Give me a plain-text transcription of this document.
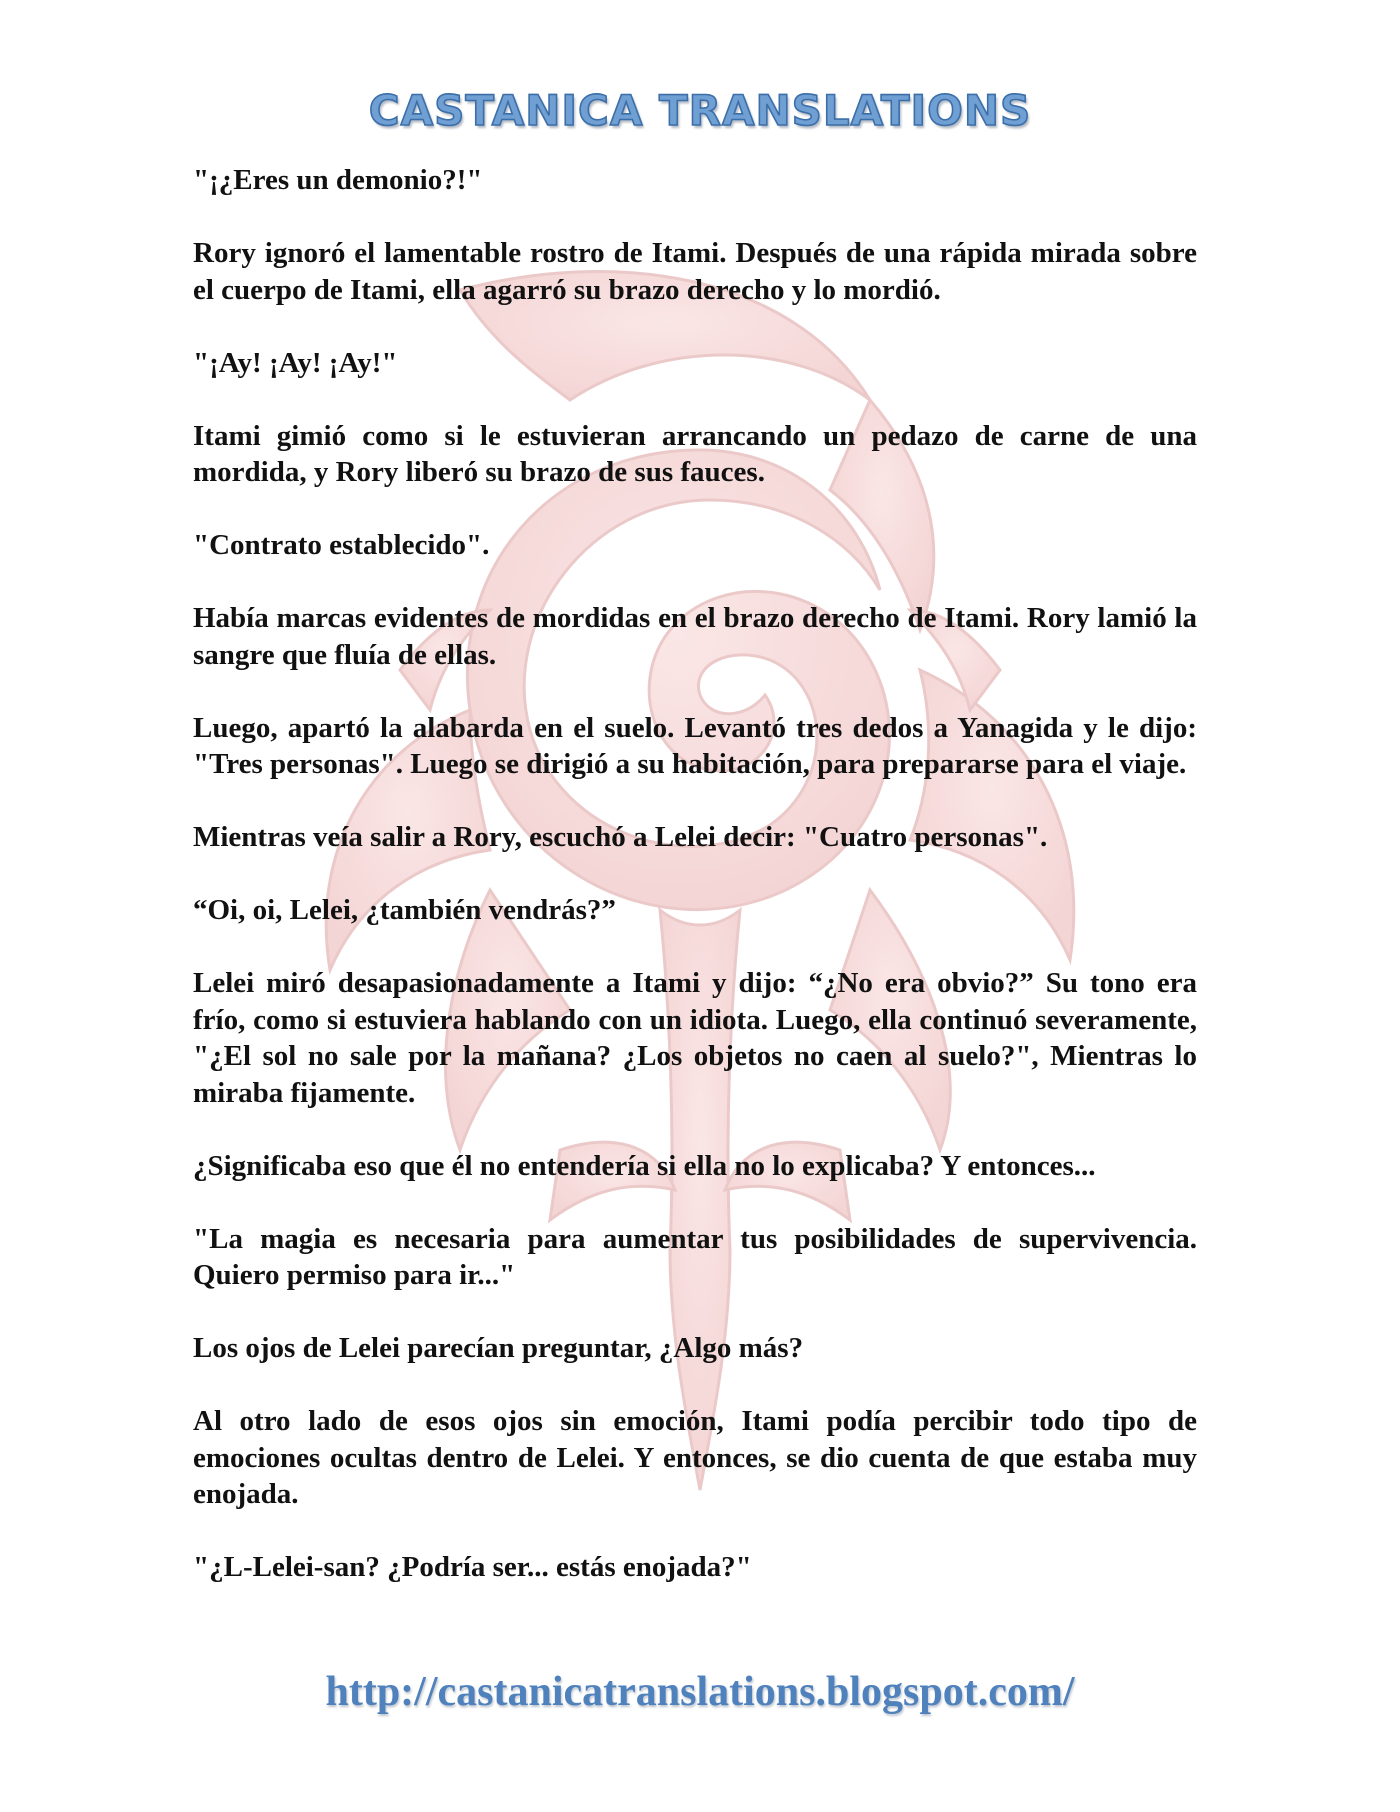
CASTANICA TRANSLATIONS

"¡¿Eres un demonio?!"

Rory ignoró el lamentable rostro de Itami. Después de una rápida mirada sobre el cuerpo de Itami, ella agarró su brazo derecho y lo mordió.

"¡Ay! ¡Ay! ¡Ay!"

Itami gimió como si le estuvieran arrancando un pedazo de carne de una mordida, y Rory liberó su brazo de sus fauces.

"Contrato establecido".

Había marcas evidentes de mordidas en el brazo derecho de Itami. Rory lamió la sangre que fluía de ellas.

Luego, apartó la alabarda en el suelo. Levantó tres dedos a Yanagida y le dijo: "Tres personas". Luego se dirigió a su habitación, para prepararse para el viaje.

Mientras veía salir a Rory, escuchó a Lelei decir: "Cuatro personas".

“Oi, oi, Lelei, ¿también vendrás?”

Lelei miró desapasionadamente a Itami y dijo: “¿No era obvio?” Su tono era frío, como si estuviera hablando con un idiota. Luego, ella continuó severamente, "¿El sol no sale por la mañana? ¿Los objetos no caen al suelo?", Mientras lo miraba fijamente.

¿Significaba eso que él no entendería si ella no lo explicaba? Y entonces...

"La magia es necesaria para aumentar tus posibilidades de supervivencia. Quiero permiso para ir..."

Los ojos de Lelei parecían preguntar, ¿Algo más?

Al otro lado de esos ojos sin emoción, Itami podía percibir todo tipo de emociones ocultas dentro de Lelei. Y entonces, se dio cuenta de que estaba muy enojada.

"¿L-Lelei-san? ¿Podría ser... estás enojada?"

http://castanicatranslations.blogspot.com/
